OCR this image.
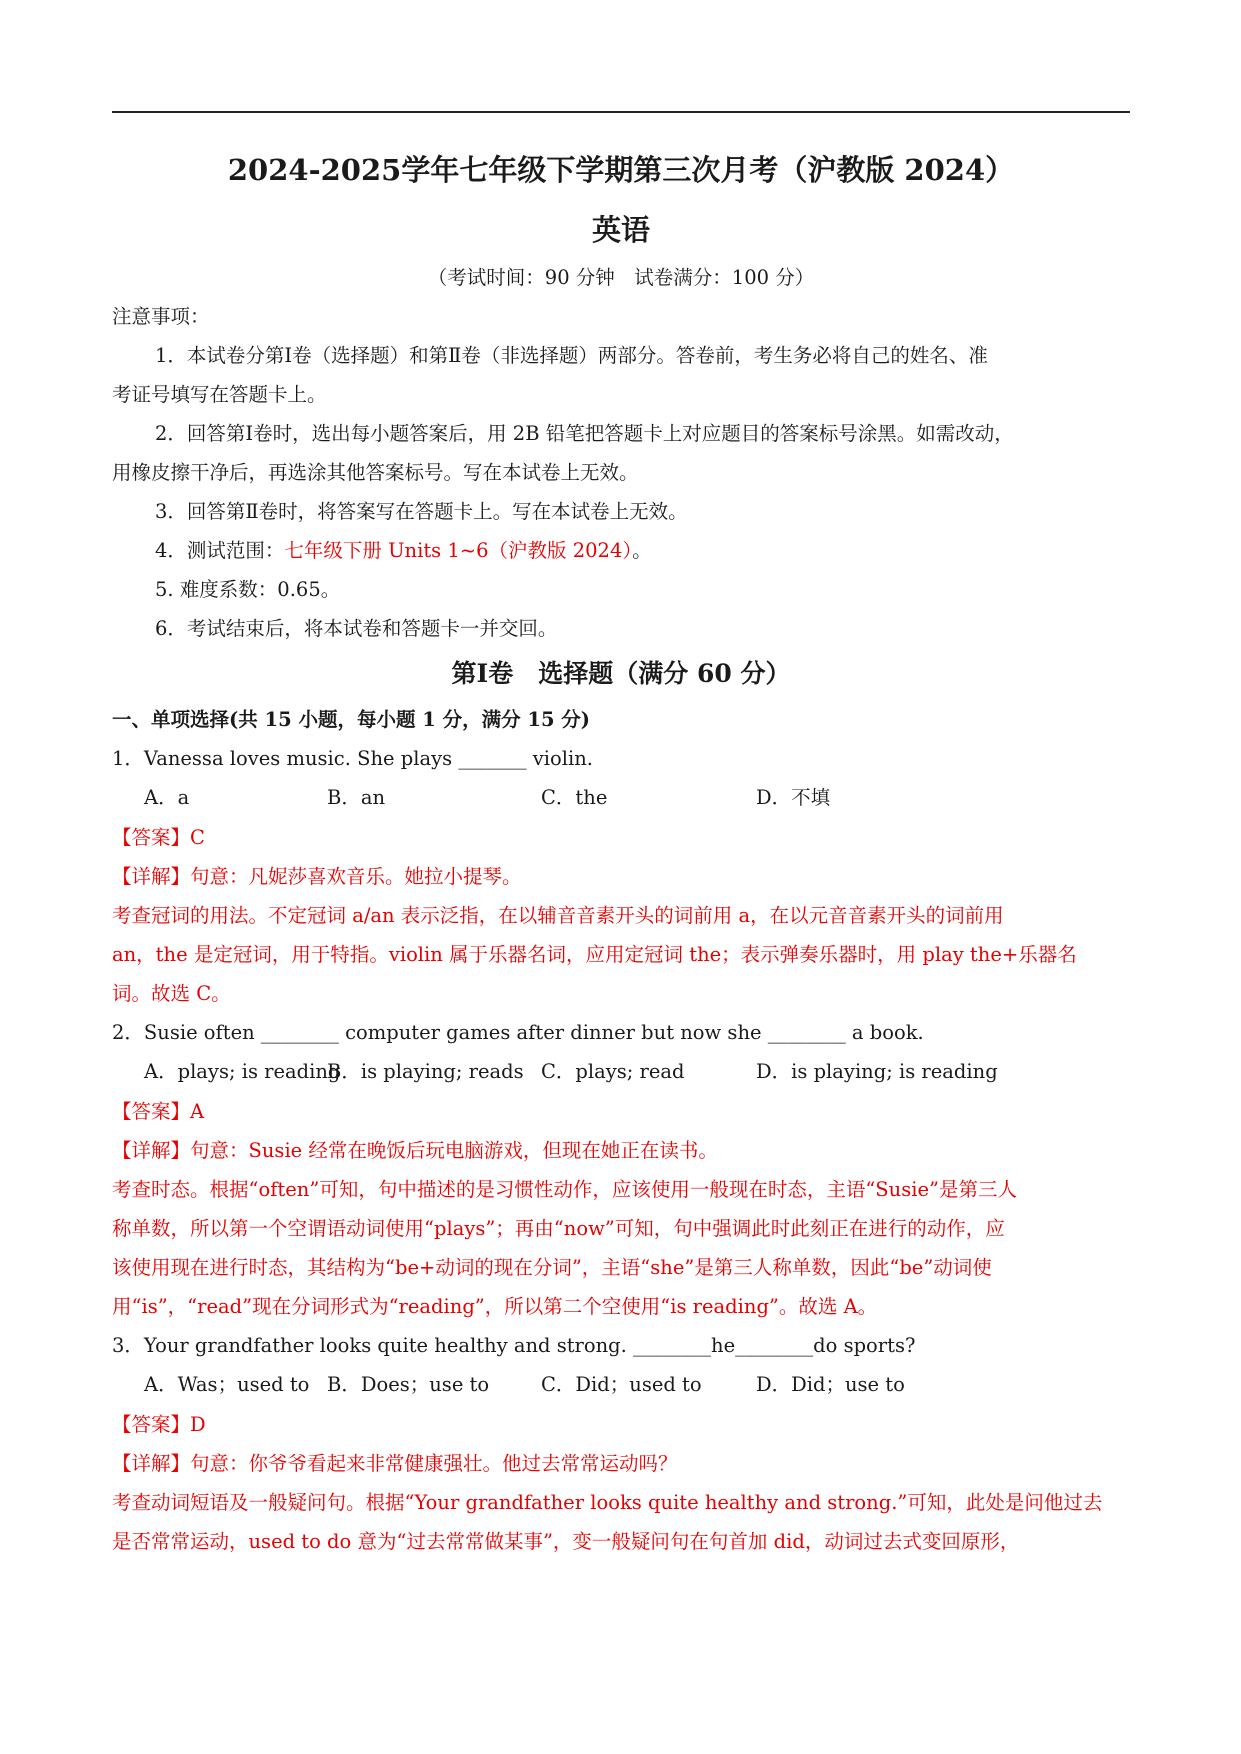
2024-2025学年七年级下学期第三次月考（沪教版 2024）
英语
（考试时间：90 分钟　试卷满分：100 分）
注意事项：
1．本试卷分第Ⅰ卷（选择题）和第Ⅱ卷（非选择题）两部分。答卷前，考生务必将自己的姓名、准
考证号填写在答题卡上。
2．回答第Ⅰ卷时，选出每小题答案后，用 2B 铅笔把答题卡上对应题目的答案标号涂黑。如需改动，
用橡皮擦干净后，再选涂其他答案标号。写在本试卷上无效。
3．回答第Ⅱ卷时，将答案写在答题卡上。写在本试卷上无效。
4．测试范围：七年级下册 Units 1~6（沪教版 2024）。
5. 难度系数：0.65。
6．考试结束后，将本试卷和答题卡一并交回。
第Ⅰ卷　选择题（满分 60 分）
一、单项选择(共 15 小题，每小题 1 分，满分 15 分)
1．Vanessa loves music. She plays _______ violin.
A．a	B．an	C．the	D．不填
【答案】C
【详解】句意：凡妮莎喜欢音乐。她拉小提琴。
考查冠词的用法。不定冠词 a/an 表示泛指，在以辅音音素开头的词前用 a，在以元音音素开头的词前用
an，the 是定冠词，用于特指。violin 属于乐器名词，应用定冠词 the；表示弹奏乐器时，用 play the+乐器名
词。故选 C。
2．Susie often ________ computer games after dinner but now she ________ a book.
A．plays; is reading
B．is playing; reads C．plays; read	D．is playing; is reading
【答案】A
【详解】句意：Susie 经常在晚饭后玩电脑游戏，但现在她正在读书。
考查时态。根据“often”可知，句中描述的是习惯性动作，应该使用一般现在时态，主语“Susie”是第三人
称单数，所以第一个空谓语动词使用“plays”；再由“now”可知，句中强调此时此刻正在进行的动作，应
该使用现在进行时态，其结构为“be+动词的现在分词”，主语“she”是第三人称单数，因此“be”动词使
用“is”，“read”现在分词形式为“reading”，所以第二个空使用“is reading”。故选 A。
3．Your grandfather looks quite healthy and strong. ________he________do sports?
A．Was；used to B．Does；use to	C．Did；used to	D．Did；use to
【答案】D
【详解】句意：你爷爷看起来非常健康强壮。他过去常常运动吗？
考查动词短语及一般疑问句。根据“Your grandfather looks quite healthy and strong.”可知，此处是问他过去
是否常常运动，used to do 意为“过去常常做某事”，变一般疑问句在句首加 did，动词过去式变回原形，
